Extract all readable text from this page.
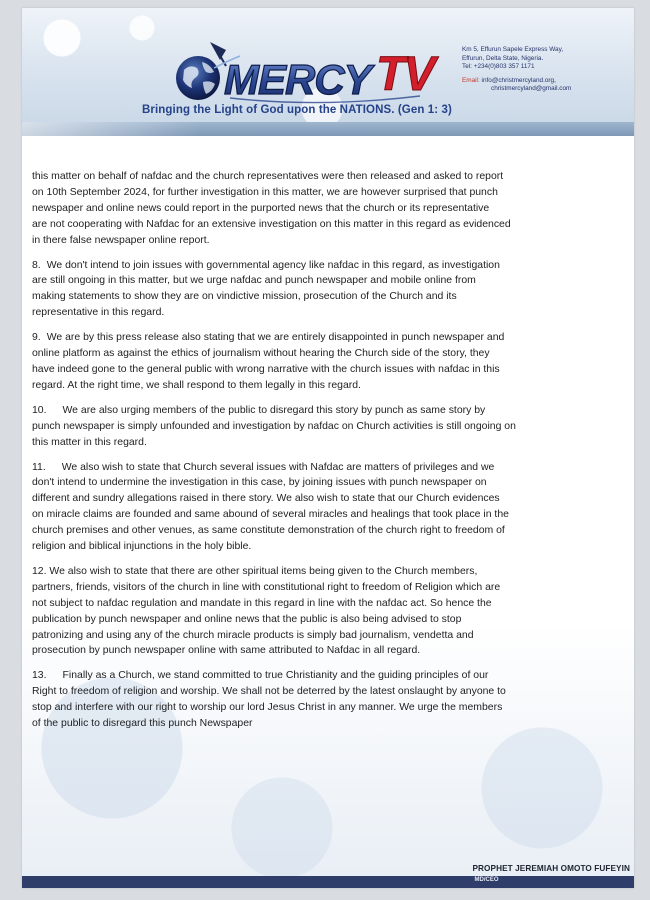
MERCY TV
Bringing the Light of God upon the NATIONS. (Gen 1: 3)
Km 5, Effurun Sapele Express Way,
Effurun, Delta State, Nigeria.
Tel: +234(0)803 357 1171
Email: info@christmercyland.org,
christmercyland@gmail.com
this matter on behalf of nafdac and the church representatives were then released and asked to report
on 10th September 2024, for further investigation in this matter, we are however surprised that punch
newspaper and online news could report in the purported news that the church or its representative
are not cooperating with Nafdac for an extensive investigation on this matter in this regard as evidenced
in there false newspaper online report.
8. We don't intend to join issues with governmental agency like nafdac in this regard, as investigation
are still ongoing in this matter, but we urge nafdac and punch newspaper and mobile online from
making statements to show they are on vindictive mission, prosecution of the Church and its
representative in this regard.
9. We are by this press release also stating that we are entirely disappointed in punch newspaper and
online platform as against the ethics of journalism without hearing the Church side of the story, they
have indeed gone to the general public with wrong narrative with the church issues with nafdac in this
regard. At the right time, we shall respond to them legally in this regard.
10. We are also urging members of the public to disregard this story by punch as same story by
punch newspaper is simply unfounded and investigation by nafdac on Church activities is still ongoing on
this matter in this regard.
11. We also wish to state that Church several issues with Nafdac are matters of privileges and we
don't intend to undermine the investigation in this case, by joining issues with punch newspaper on
different and sundry allegations raised in there story. We also wish to state that our Church evidences
on miracle claims are founded and same abound of several miracles and healings that took place in the
church premises and other venues, as same constitute demonstration of the church right to freedom of
religion and biblical injunctions in the holy bible.
12. We also wish to state that there are other spiritual items being given to the Church members,
partners, friends, visitors of the church in line with constitutional right to freedom of Religion which are
not subject to nafdac regulation and mandate in this regard in line with the nafdac act. So hence the
publication by punch newspaper and online news that the public is also being advised to stop
patronizing and using any of the church miracle products is simply bad journalism, vendetta and
prosecution by punch newspaper online with same attributed to Nafdac in all regard.
13. Finally as a Church, we stand committed to true Christianity and the guiding principles of our
Right to freedom of religion and worship. We shall not be deterred by the latest onslaught by anyone to
stop and interfere with our right to worship our lord Jesus Christ in any manner. We urge the members
of the public to disregard this punch Newspaper
PROPHET JEREMIAH OMOTO FUFEYIN
MD/CEO
